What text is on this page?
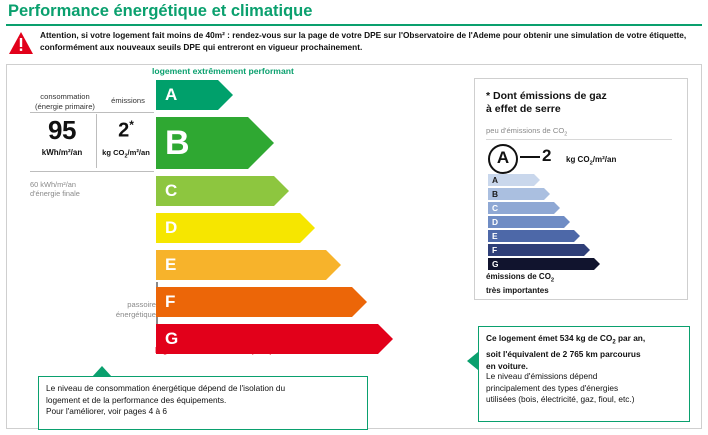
Performance énergétique et climatique
Attention, si votre logement fait moins de 40m² : rendez-vous sur la page de votre DPE sur l'Observatoire de l'Ademe pour obtenir une simulation de votre étiquette, conformément aux nouveaux seuils DPE qui entreront en vigueur prochainement.
logement extrêmement performant
consommation
(énergie primaire)
émissions
95
kWh/m²/an
2*
kg $CO_2/m^2/an$
60 kWh/m²/an
d'énergie finale
passoire
énergétique
A
B
C
D
E
F
G
* Dont émissions de gaz
à effet de serre
peu d'émissions de $CO_2$
A	2 kg $CO_2/m^2/an$
A
B
C
D
E
F
G
émissions de $CO_2$
très importantes
Le niveau de consommation énergétique dépend de l'isolation du
logement et de la performance des équipements.
Pour l'améliorer, voir pages 4 à 6
Ce logement émet 534 kg de $CO_2$ par an,
soit l'équivalent de 2 765 km parcourus
en voiture.
Le niveau d'émissions dépend
principalement des types d'énergies
utilisées (bois, électricité, gaz, fioul, etc.)
